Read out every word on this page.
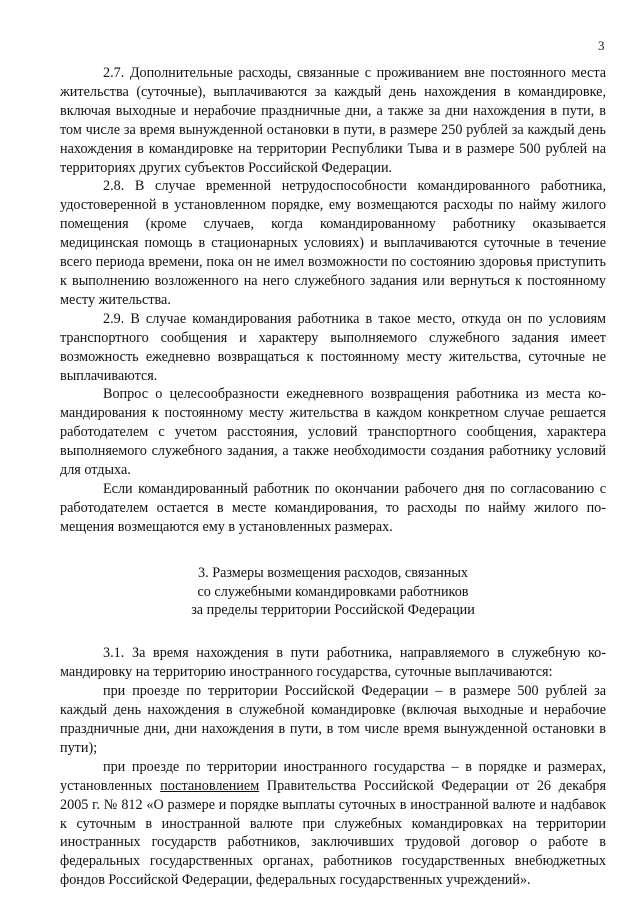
3

2.7. Дополнительные расходы, связанные с проживанием вне постоянного места жительства (суточные), выплачиваются за каждый день нахождения в командировке, включая выходные и нерабочие праздничные дни, а также за дни нахождения в пути, в том числе за время вынужденной остановки в пути, в размере 250 рублей за каждый день нахождения в командировке на территории Республики Тыва и в размере 500 рублей на территориях других субъектов Российской Федерации.

2.8. В случае временной нетрудоспособности командированного работника, удостоверенной в установленном порядке, ему возмещаются расходы по найму жилого помещения (кроме случаев, когда командированному работнику оказывается медицинская помощь в стационарных условиях) и выплачиваются суточные в течение всего периода времени, пока он не имел возможности по состоянию здоровья приступить к выполнению возложенного на него служебного задания или вернуться к постоянному месту жительства.

2.9. В случае командирования работника в такое место, откуда он по условиям транспортного сообщения и характеру выполняемого служебного задания имеет возможность ежедневно возвращаться к постоянному месту жительства, суточные не выплачиваются.

Вопрос о целесообразности ежедневного возвращения работника из места командирования к постоянному месту жительства в каждом конкретном случае решается работодателем с учетом расстояния, условий транспортного сообщения, характера выполняемого служебного задания, а также необходимости создания работнику условий для отдыха.

Если командированный работник по окончании рабочего дня по согласованию с работодателем остается в месте командирования, то расходы по найму жилого помещения возмещаются ему в установленных размерах.

3. Размеры возмещения расходов, связанных
со служебными командировками работников
за пределы территории Российской Федерации

3.1. За время нахождения в пути работника, направляемого в служебную командировку на территорию иностранного государства, суточные выплачиваются:

при проезде по территории Российской Федерации – в размере 500 рублей за каждый день нахождения в служебной командировке (включая выходные и нерабочие праздничные дни, дни нахождения в пути, в том числе время вынужденной остановки в пути);

при проезде по территории иностранного государства – в порядке и размерах, установленных постановлением Правительства Российской Федерации от 26 декабря 2005 г. № 812 «О размере и порядке выплаты суточных в иностранной валюте и надбавок к суточным в иностранной валюте при служебных командировках на территории иностранных государств работников, заключивших трудовой договор о работе в федеральных государственных органах, работников государственных внебюджетных фондов Российской Федерации, федеральных государственных учреждений».
